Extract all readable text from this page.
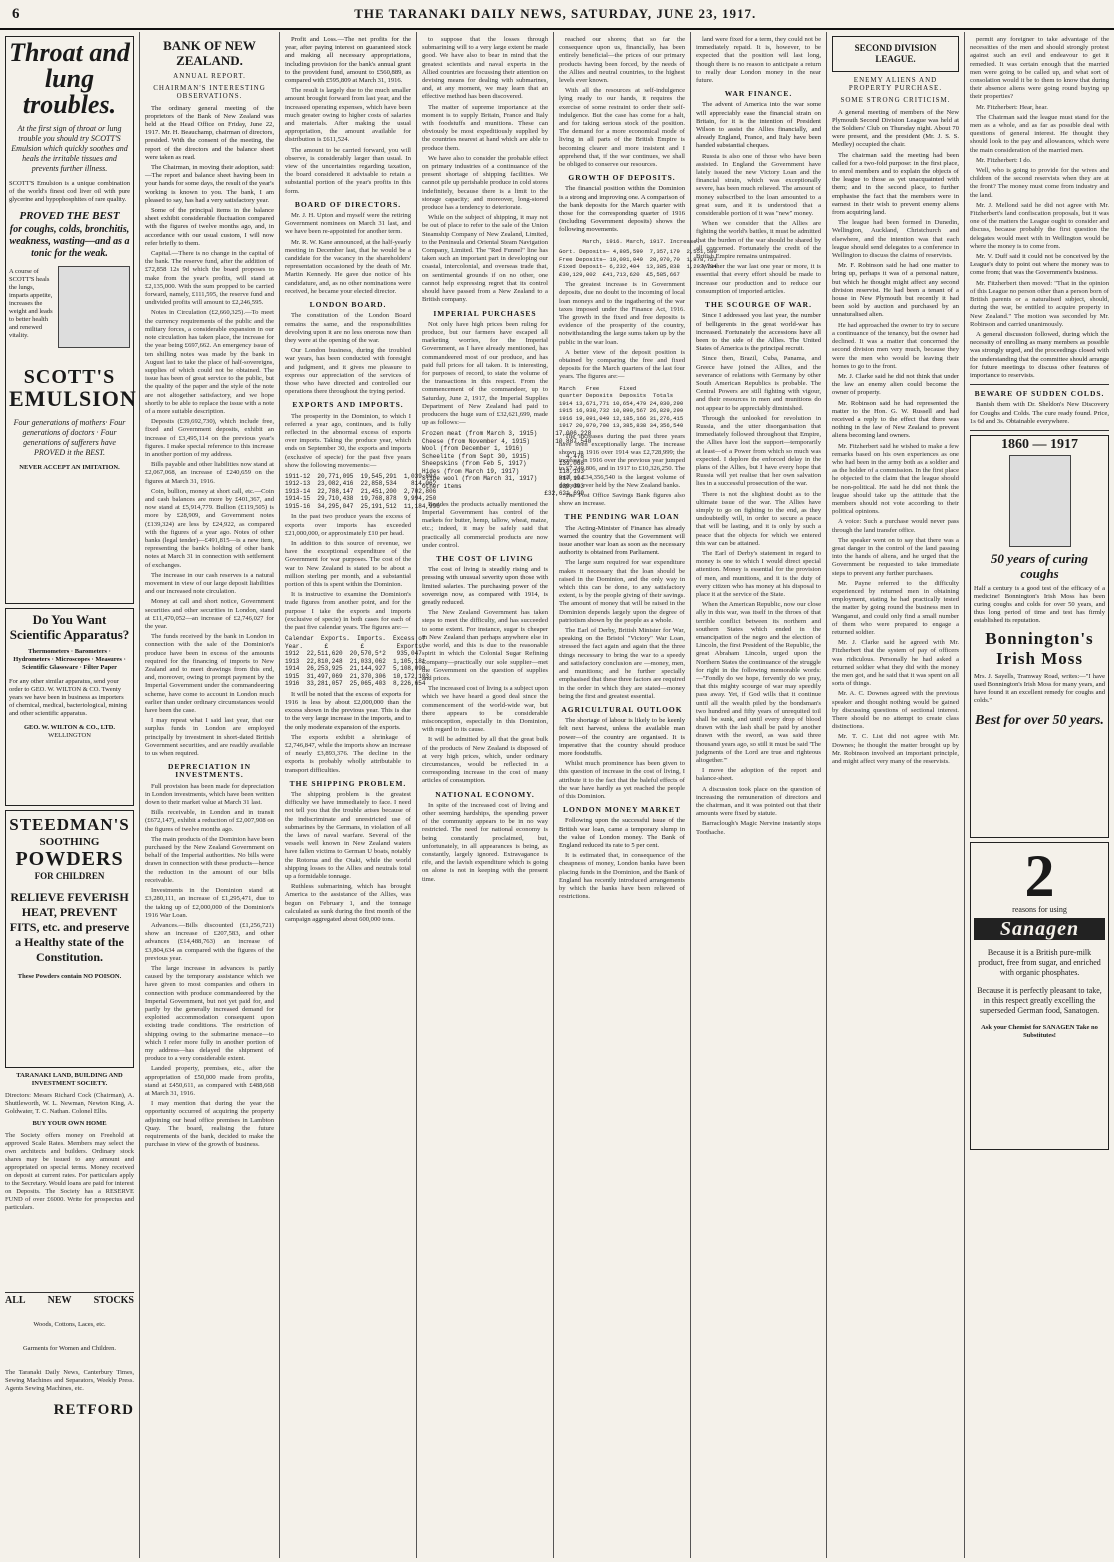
6	THE TARANAKI DAILY NEWS, SATURDAY, JUNE 23, 1917.
Throat and
lung troubles.
At the first sign of throat or lung trouble you should try SCOTT'S Emulsion which quickly soothes and heals the irritable tissues and prevents further illness.
SCOTT'S Emulsion is a unique combination of the world's finest cod liver oil with pure glycerine and hypophosphites of rare quality.
PROVED THE BEST
for coughs, colds, bronchitis, weakness, wasting—and as a tonic for the weak.
A course of SCOTT'S heals the lungs, imparts appetite, increases the weight and leads to better health and renewed vitality.
SCOTT'S
EMULSION
Four generations of mothers· Four generations of doctors · Four generations of sufferers have PROVED it the BEST.
NEVER ACCEPT AN IMITATION.
Do You Want Scientific Apparatus?
Thermometers · Barometers · Hydrometers · Microscopes · Measures · Scientific Glassware · Filter Paper
For any other similar apparatus, send your order to GEO. W. WILTON & CO. Twenty years we have been in business as importers of chemical, medical, bacteriological, mining and other scientific apparatus.
GEO. W. WILTON & CO., LTD.
WELLINGTON
STEEDMAN'S
SOOTHING
POWDERS
FOR CHILDREN
RELIEVE FEVERISH HEAT, PREVENT FITS, etc. and preserve a Healthy state of the Constitution.
These Powders contain NO POISON.
TARANAKI LAND, BUILDING AND INVESTMENT SOCIETY.
Directors: Messrs Richard Cock (Chairman), A. Shuttleworth, W. L. Newman, Newton King, A. Goldwater, T. C. Nathan. Colonel Ellis.
BUY YOUR OWN HOME
The Society offers money on Freehold at approved Scale Rates. Members may select the own architects and builders. Ordinary stock shares may be issued to any amount and appropriated on special terms. Money received on deposit at current rates. For particulars apply to the Secretary. Would loans are paid for interest on Deposits. The Society has a RESERVE FUND of over £6000. Write for prospectus and particulars.
ALL NEW STOCKS
Woods, Cottons, Laces, etc.
Garments for Women and Children.
The Taranaki Daily News, Canterbury Times, Sewing Machines and Separators, Weekly Press. Agents Sewing Machines, etc.
RETFORD
BANK OF NEW ZEALAND.
ANNUAL REPORT.
CHAIRMAN'S INTERESTING OBSERVATIONS.

The ordinary general meeting of the proprietors of the Bank of New Zealand was held at the Head Office on Friday, June 22, 1917. Mr. H. Beauchamp, chairman of directors, presided. With the consent of the meeting, the report of the directors and the balance sheet were taken as read.

The Chairman, in moving their adoption, said:—The report and balance sheet having been in your hands for some days, the result of the year's working is known to you. The bank, I am pleased to say, has had a very satisfactory year.

Some of the principal items in the balance sheet exhibit considerable fluctuation compared with the figures of twelve months ago, and, in accordance with our usual custom, I will now refer briefly to them.

Capital.—There is no change in the capital of the bank. The reserve fund, after the addition of £72,858 12s 9d which the board proposes to make from the year's profits, will stand at £2,135,000. With the sum propped to be carried forward, namely, £111,595, the reserve fund and undivided profits will amount to £2,246,595.

Notes in Circulation (£2,660,325).—To meet the currency requirements of the public and the military forces, a considerable expansion in our note circulation has taken place, the increase for the year being £697,662. An emergency issue of ten shilling notes was made by the bank in August last to take the place of half-sovereigns, supplies of which could not be obtained. The issue has been of great service to the public, but the quality of the paper and the style of the note are not altogether satisfactory, and we hope shortly to be able to replace the issue with a note of a more suitable description.

Deposits (£39,692,730), which include free, fixed and Government deposits, exhibit an increase of £3,495,114 on the previous year's figures. I make special reference to this increase in another portion of my address.

Bills payable and other liabilities now stand at £2,067,068, an increase of £240,659 on the figures at March 31, 1916.

Coin, bullion, money at short call, etc.—Coin and cash balances are more by £401,367, and now stand at £5,914,779. Bullion (£119,505) is more by £28,909, and Government notes (£139,324) are less by £24,922, as compared with the figures of a year ago. Notes of other banks (legal tender)—£491,815—is a new item, representing the bank's holding of other bank notes at March 31 in connection with settlement of exchanges.

The increase in our cash reserves is a natural movement in view of our large deposit liabilities and our increased note circulation.

Money at call and short notice, Government securities and other securities in London, stand at £11,470,052—an increase of £2,746,027 for the year.

The funds received by the bank in London in connection with the sale of the Dominion's produce have been in excess of the amounts required for the financing of imports to New Zealand and to meet drawings from this end, and, moreover, owing to prompt payment by the Imperial Government under the commandeering scheme, have come to account in London much earlier than under ordinary circumstances would have been the case.

I may repeat what I said last year, that our surplus funds in London are employed principally by investment in short-dated British Government securities, and are readily available to us when required.

DEPRECIATION IN INVESTMENTS.

Full provision has been made for depreciation in London investments, which have been written down to their market value at March 31 last.

Bills receivable, in London and in transit (£672,147), exhibit a reduction of £2,007,908 on the figures of twelve months ago.

The main products of the Dominion have been purchased by the New Zealand Government on behalf of the Imperial authorities. No bills were drawn in connection with these products—hence the reduction in the amount of our bills receivable.

Investments in the Dominion stand at £3,280,111, an increase of £1,295,471, due to the taking up of £2,000,000 of the Dominion's 1916 War Loan.

Advances.—Bills discounted (£1,256,721) show an increase of £207,583, and other advances (£14,488,763) an increase of £3,804,634 as compared with the figures of the previous year.

The large increase in advances is partly caused by the temporary assistance which we have given to most companies and others in connection with produce commandeered by the Imperial Government, but not yet paid for, and partly by the generally increased demand for exploited accommodation consequent upon existing trade conditions. The restriction of shipping owing to the submarine menace—to which I refer more fully in another portion of my address—has delayed the shipment of produce to a very considerable extent.

Landed property, premises, etc., after the appropriation of £50,000 made from profits, stand at £450,611, as compared with £488,668 at March 31, 1916.

I may mention that during the year the opportunity occurred of acquiring the property adjoining our head office premises in Lambton Quay. The board, realising the future requirements of the bank, decided to make the purchase in view of the growth of business.

Profit and Loss.—The net profits for the year, after paying interest on guaranteed stock and making all necessary appropriations, including provision for the bank's annual grant to the provident fund, amount to £560,889, as compared with £595,809 at March 31, 1916.

The result is largely due to the much smaller amount brought forward from last year, and the increased operating expenses, which have been much greater owing to higher costs of salaries and materials. After making the usual appropriation, the amount available for distribution is £611,524.

The amount to be carried forward, you will observe, is considerably larger than usual. In view of the uncertainties regarding taxation, the board considered it advisable to retain a substantial portion of the year's profits in this form.

BOARD OF DIRECTORS.

Mr. J. H. Upton and myself were the retiring Government nominees on March 31 last, and we have been re-appointed for another term.

Mr. R. W. Kane announced, at the half-yearly meeting in December last, that he would be a candidate for the vacancy in the shareholders' representation occasioned by the death of Mr. Martin Kennedy. He gave due notice of his candidature, and, as no other nominations were received, he became your elected director.

LONDON BOARD.

The constitution of the London Board remains the same, and the responsibilities devolving upon it are no less onerous now than they were at the opening of the war.

Our London business, during the troubled war years, has been conducted with foresight and judgment, and it gives me pleasure to express our appreciation of the services of those who have directed and controlled our operations there throughout the trying period.

EXPORTS AND IMPORTS.

The prosperity in the Dominion, to which I referred a year ago, continues, and is fully reflected in the abnormal excess of exports over imports. Taking the produce year, which ends on September 30, the exports and imports (exclusive of specie) for the past five years show the following movements:—

1911-12  20,771,095  19,545,291  1,039,804
1912-13  23,082,416  22,858,534    814,062
1913-14  22,788,147  21,451,200  2,702,806
1914-15  29,710,438  19,768,878  9,994,250
1915-16  34,295,047  25,191,512  11,184,990

In the past two produce years the excess of exports over imports has exceeded £21,000,000, or approximately £10 per head.

In addition to this source of revenue, we have the exceptional expenditure of the Government for war purposes. The cost of the war to New Zealand is stated to be about a million sterling per month, and a substantial portion of this is spent within the Dominion.

It is instructive to examine the Dominion's trade figures from another point, and for the purpose I take the exports and imports (exclusive of specie) in both cases for each of the past five calendar years. The figures are:—

Calendar  Exports.  Imports.  Excess of
Year.      £         £         Exports.
1912  22,511,620  20,570,5*2   935,047
1913  22,810,248  21,033,062  1,105,181
1914  26,253,925  21,144,927  5,108,098
1915  31,497,069  21,370,306  10,172,103
1916  33,281,057  25,065,403  8,226,654

It will be noted that the excess of exports for 1916 is less by about £2,000,000 than the excess shown in the previous year. This is due to the very large increase in the imports, and to the only moderate expansion of the exports.

The exports exhibit a shrinkage of £2,746,847, while the imports show an increase of nearly £3,893,376. The decline in the exports is probably wholly attributable to transport difficulties.

THE SHIPPING PROBLEM.

The shipping problem is the greatest difficulty we have immediately to face. I need not tell you that the trouble arises because of the indiscriminate and unrestricted use of submarines by the Germans, in violation of all the laws of naval warfare. Several of the vessels well known in New Zealand waters have fallen victims to German U boats, notably the Rotorua and the Otaki, while the world shipping losses to the Allies and neutrals total up a formidable tonnage.

Ruthless submarining, which has brought America to the assistance of the Allies, was begun on February 1, and the tonnage calculated as sunk during the first month of the campaign aggregated about 600,000 tons.

to suppose that the losses through submarining will to a very large extent be made good. We have also to bear in mind that the greatest scientists and naval experts in the Allied countries are focussing their attention on devising means for dealing with submarines, and, at any moment, we may learn that an effective method has been discovered.

The matter of supreme importance at the moment is to supply Britain, France and Italy with foodstuffs and munitions. These can obviously be most expeditiously supplied by the countries nearest at hand which are able to produce them.

We have also to consider the probable effect on primary industries of a continuance of the present shortage of shipping facilities. We cannot pile up perishable produce in cold stores indefinitely, because there is a limit to the storage capacity; and moreover, long-stored produce has a tendency to deteriorate.

While on the subject of shipping, it may not be out of place to refer to the sale of the Union Steamship Company of New Zealand, Limited, to the Peninsula and Oriental Steam Navigation Company, Limited. The "Red Funnel" line has taken such an important part in developing our coastal, intercolonial, and overseas trade that, on sentimental grounds if on no other, one cannot help expressing regret that its control should have passed from a New Zealand to a British company.

IMPERIAL PURCHASES

Not only have high prices been ruling for produce, but our farmers have escaped all marketing worries, for the Imperial Government, as I have already mentioned, has commandeered most of our produce, and has paid full prices for all taken. It is interesting, for purposes of record, to state the volume of the transactions in this respect. From the commencement of the commandeer, up to Saturday, June 2, 1917, the Imperial Supplies Department of New Zealand had paid to producers the huge sum of £32,621,699, made up as follows:—

Frozen meat (from March 3, 1915)     17,006,228
Cheese (from November 4, 1915)       10,887,540
Wool (from December 1, 1916)
Scheelite (from Sept 30, 1915)          4,478
Sheepskins (from Feb 5, 1917)         139,068
Hides (from March 19, 1917)           118,193
Slipe wool (from March 31, 1917)      817,194
Other items                           139,393
£32,621,699

Besides the products actually mentioned the Imperial Government has control of the markets for butter, hemp, tallow, wheat, maize, etc.; indeed, it may be safely said that practically all commercial products are now under control.

THE COST OF LIVING

The cost of living is steadily rising and is pressing with unusual severity upon those with limited salaries. The purchasing power of the sovereign now, as compared with 1914, is greatly reduced.

The New Zealand Government has taken steps to meet the difficulty, and has succeeded to some extent. For instance, sugar is cheaper in New Zealand than perhaps anywhere else in the world, and this is due to the reasonable spirit in which the Colonial Sugar Refining Company—practically our sole supplier—met the Government on the question of supplies and prices.

The increased cost of living is a subject upon which we have heard a good deal since the commencement of the world-wide war, but there appears to be considerable misconception, especially in this Dominion, with regard to its cause.

It will be admitted by all that the great bulk of the products of New Zealand is disposed of at very high prices, which, under ordinary circumstances, would be reflected in a corresponding increase in the cost of many articles of consumption.

NATIONAL ECONOMY.

In spite of the increased cost of living and other seeming hardships, the spending power of the community appears to be in no way restricted. The need for national economy is being constantly proclaimed, but, unfortunately, in all appearances is being, as constantly, largely ignored. Extravagance is rife, and the lavish expenditure which is going on alone is not in keeping with the present time.

reached our shores; that so far the consequence upon us, financially, has been entirely beneficial—the prices of our primary products having been forced, by the needs of the Allies and neutral countries, to the highest levels ever known.

With all the resources at self-indulgence lying ready to our hands, it requires the exercise of some restraint to order their self-indulgence. But the case has come for a halt, and for taking serious stock of the position. The demand for a more economical mode of living in all parts of the British Empire is becoming clearer and more insistent and I apprehend that, if the war continues, we shall be obliged to conserve our resources.

GROWTH OF DEPOSITS.

The financial position within the Dominion is a strong and improving one. A comparison of the bank deposits for the March quarter with those for the corresponding quarter of 1916 (including Government deposits) shows the following movements.

March, 1916. March, 1917. Increase.
Gort. Deposits— 4,805,599  7,357,179  2,551,580
Free Deposits— 19,091,049  20,970,70  1,878,753
Fixed Deposit— 6,232,404  13,385,838  1,203,734
£30,129,002  £41,713,620  £5,585,667

The greatest increase is in Government deposits, due no doubt to the incoming of local loan moneys and to the ingathering of the war taxes imposed under the Finance Act, 1916. The growth in the fixed and free deposits is evidence of the prosperity of the country, notwithstanding the large sums taken up by the public in the war loan.

A better view of the deposit position is obtained by comparing the free and fixed deposits for the March quarters of the last four years. The figures are:—

March   Free      Fixed
quarter Deposits  Deposits  Totals
1914 13,671,771 10,654,479 24,030,290
1915 16,938,732 10,890,567 26,829,299
1916 19,091,049 12,185,166 31,276,415
1917 20,970,700 13,385,838 34,356,540

The increases during the past three years have been exceptionally large. The increase shown in 1916 over 1914 was £2,728,999; the increase in 1916 over the previous year jumped to £7,249,806, and in 1917 to £10,326,250. The total of £34,356,540 is the largest volume of deposits ever held by the New Zealand banks.

The Post Office Savings Bank figures also show an increase.

THE PENDING WAR LOAN

The Acting-Minister of Finance has already warned the country that the Government will issue another war loan as soon as the necessary authority is obtained from Parliament.

The large sum required for war expenditure makes it necessary that the loan should be raised in the Dominion, and the only way in which this can be done, to any satisfactory extent, is by the people giving of their savings. The amount of money that will be raised in the Dominion depends largely upon the degree of patriotism shown by the people as a whole.

The Earl of Derby, British Minister for War, speaking on the Bristol "Victory" War Loan, stressed the fact again and again that the three things necessary to bring the war to a speedy and satisfactory conclusion are —money, men, and munitions; and he further specially emphasised that these three factors are required in the order in which they are stated—money being the first and greatest essential.

AGRICULTURAL OUTLOOK

The shortage of labour is likely to be keenly felt next harvest, unless the available man power—of the country are organised. It is imperative that the country should produce more foodstuffs.

Whilst much prominence has been given to this question of increase in the cost of living, I attribute it to the fact that the baleful effects of the war have hardly as yet reached the people of this Dominion.

LONDON MONEY MARKET

Following upon the successful issue of the British war loan, came a temporary slump in the value of London money. The Bank of England reduced its rate to 5 per cent.

It is estimated that, in consequence of the cheapness of money, London banks have been placing funds in the Dominion, and the Bank of England has recently introduced arrangements by which the banks have been relieved of restrictions.

land were fixed for a term, they could not be immediately repaid. It is, however, to be expected that the position will last long, though there is no reason to anticipate a return to really dear London money in the near future.

WAR FINANCE.

The advent of America into the war some will appreciably ease the financial strain on Britain, for it is the intention of President Wilson to assist the Allies financially, and already England, France, and Italy have been handed substantial cheques.

Russia is also one of those who have been assisted. In England the Government have lately issued the new Victory Loan and the financial strain, which was exceptionally severe, has been much relieved. The amount of money subscribed to the loan amounted to a great sum, and it is understood that a considerable portion of it was "new" money.

When we consider that the Allies are fighting the world's battles, it must be admitted that the burden of the war should be shared by all concerned. Fortunately the credit of the British Empire remains unimpaired.

Whether the war last one year or more, it is essential that every effort should be made to increase our production and to reduce our consumption of imported articles.

THE SCOURGE OF WAR.

Since I addressed you last year, the number of belligerents in the great world-war has increased. Fortunately the accessions have all been to the side of the Allies. The United States of America is the principal recruit.

Since then, Brazil, Cuba, Panama, and Greece have joined the Allies, and the severance of relations with Germany by other South American Republics is probable. The Central Powers are still fighting with vigour, and their resources in men and munitions do not appear to be appreciably diminished.

Through the unlooked for revolution in Russia, and the utter disorganisation that immediately followed throughout that Empire, the Allies have lost the support—temporarily at least—of a Power from which so much was expected. I deplore the enforced delay in the plans of the Allies, but I have every hope that Russia will yet realise that her own salvation lies in a successful prosecution of the war.

There is not the slightest doubt as to the ultimate issue of the war. The Allies have simply to go on fighting to the end, as they undoubtedly will, in order to secure a peace that will be lasting, and it is only by such a peace that the objects for which we entered this war can be attained.

The Earl of Derby's statement in regard to money is one to which I would direct special attention. Money is essential for the provision of men, and munitions, and it is the duty of every citizen who has money at his disposal to place it at the service of the State.

When the American Republic, now our close ally in this war, was itself in the throes of that terrible conflict between its northern and southern States which ended in the emancipation of the negro and the election of Lincoln, the first President of the Republic, the great Abraham Lincoln, urged upon the Northern States the continuance of the struggle for right in the following memorable words:—"Fondly do we hope, fervently do we pray, that this mighty scourge of war may speedily pass away. Yet, if God wills that it continue until all the wealth piled by the bondsman's two hundred and fifty years of unrequited toil shall be sunk, and until every drop of blood drawn with the lash shall be paid by another drawn with the sword, as was said three thousand years ago, so still it must be said 'The judgments of the Lord are true and righteous altogether.'"

I move the adoption of the report and balance-sheet.

A discussion took place on the question of increasing the remuneration of directors and the chairman, and it was pointed out that their amounts were fixed by statute.

Barraclough's Magic Nervine instantly stops Toothache.

SECOND DIVISION LEAGUE.
ENEMY ALIENS AND PROPERTY PURCHASE.
SOME STRONG CRITICISM.

A general meeting of members of the New Plymouth Second Division League was held at the Soldiers' Club on Thursday night. About 70 were present, and the president (Mr. J. S. S. Medley) occupied the chair.

The chairman said the meeting had been called for a two-fold purpose: in the first place, to enrol members and to explain the objects of the league to those as yet unacquainted with them; and in the second place, to further emphasise the fact that the members were in earnest in their wish to prevent enemy aliens from acquiring land.

The league had been formed in Dunedin, Wellington, Auckland, Christchurch and elsewhere, and the intention was that each league should send delegates to a conference in Wellington to discuss the claims of reservists.

Mr. F. Robinson said he had one matter to bring up, perhaps it was of a personal nature, but which he thought might affect any second division reservist. He had been a tenant of a house in New Plymouth but recently it had been sold by auction and purchased by an unnaturalised alien.

He had approached the owner to try to secure a continuance of the tenancy, but the owner had declined. It was a matter that concerned the second division men very much, because they were the men who would be leaving their homes to go to the front.

Mr. J. Clarke said he did not think that under the law an enemy alien could become the owner of property.

Mr. Robinson said he had represented the matter to the Hon. G. W. Russell and had received a reply to the effect that there was nothing in the law of New Zealand to prevent aliens becoming land owners.

Mr. Fitzherbert said he wished to make a few remarks based on his own experiences as one who had been in the army both as a soldier and as the holder of a commission. In the first place he objected to the claim that the league should be non-political. He said he did not think the league should take up the attitude that the members should not vote according to their political opinions.

A voice: Such a purchase would never pass through the land transfer office.

The speaker went on to say that there was a great danger in the control of the land passing into the hands of aliens, and he urged that the Government be requested to take immediate steps to prevent any further purchases.

Mr. Payne referred to the difficulty experienced by returned men in obtaining employment, stating he had practically tested the matter by going round the business men in Wanganui, and could only find a small number of them who were prepared to engage a returned soldier.

Mr. J. Clarke said he agreed with Mr. Fitzherbert that the system of pay of officers was ridiculous. Personally he had asked a returned soldier what they did with the money the men got, and he said that it was spent on all sorts of things.

Mr. A. C. Downes agreed with the previous speaker and thought nothing would be gained by discussing questions of sectional interest. There should be no attempt to create class distinctions.

Mr. T. C. List did not agree with Mr. Downes; he thought the matter brought up by Mr. Robinson involved an important principle, and might affect very many of the reservists.

permit any foreigner to take advantage of the necessities of the men and should strongly protest against such an evil and endeavour to get it remedied. It was certain enough that the married men were going to be called up, and what sort of consolation would it be to them to know that during their absence aliens were going round buying up their properties?

Mr. Fitzherbert: Hear, hear.

The Chairman said the league must stand for the men as a whole, and as far as possible deal with questions of general interest. He thought they should look to the pay and allowances, which were the main consideration of the married men.

Mr. Fitzherbert: I do.

Well, who is going to provide for the wives and children of the second reservists when they are at the front? The money must come from industry and the land.

Mr. J. Mellond said he did not agree with Mr. Fitzherbert's land confiscation proposals, but it was one of the matters the League ought to consider and discuss, because probably the first question the delegates would meet with in Wellington would be where the money is to come from.

Mr. V. Duff said it could not be conceived by the League's duty to point out where the money was to come from; that was the Government's business.

Mr. Fitzherbert then moved: "That in the opinion of this League no person other than a person born of British parents or a naturalised subject, should, during the war, be entitled to acquire property in New Zealand." The motion was seconded by Mr. Robinson and carried unanimously.

A general discussion followed, during which the necessity of enrolling as many members as possible was strongly urged, and the proceedings closed with the understanding that the committee should arrange for future meetings to discuss other features of importance to reservists.

BEWARE OF SUDDEN COLDS.

Banish them with Dr. Sheldon's New Discovery for Coughs and Colds. The cure ready found. Price, 1s 6d and 3s. Obtainable everywhere.

1860 — 1917
50 years of curing coughs
Half a century is a good test of the efficacy of a medicine! Bonnington's Irish Moss has been curing coughs and colds for over 50 years, and thus long period of time and test has firmly established its reputation.
Bonnington's Irish Moss
Mrs. J. Sayells, Tramway Road, writes:—"I have used Bonnington's Irish Moss for many years, and have found it an excellent remedy for coughs and colds."
Best for over 50 years.
2
reasons for using
Sanagen
Because it is a British pure-milk product, free from sugar, and enriched with organic phosphates.
Because it is perfectly pleasant to take, in this respect greatly excelling the superseded German food, Sanatogen.
Ask your Chemist for SANAGEN Take no Substitutes!
